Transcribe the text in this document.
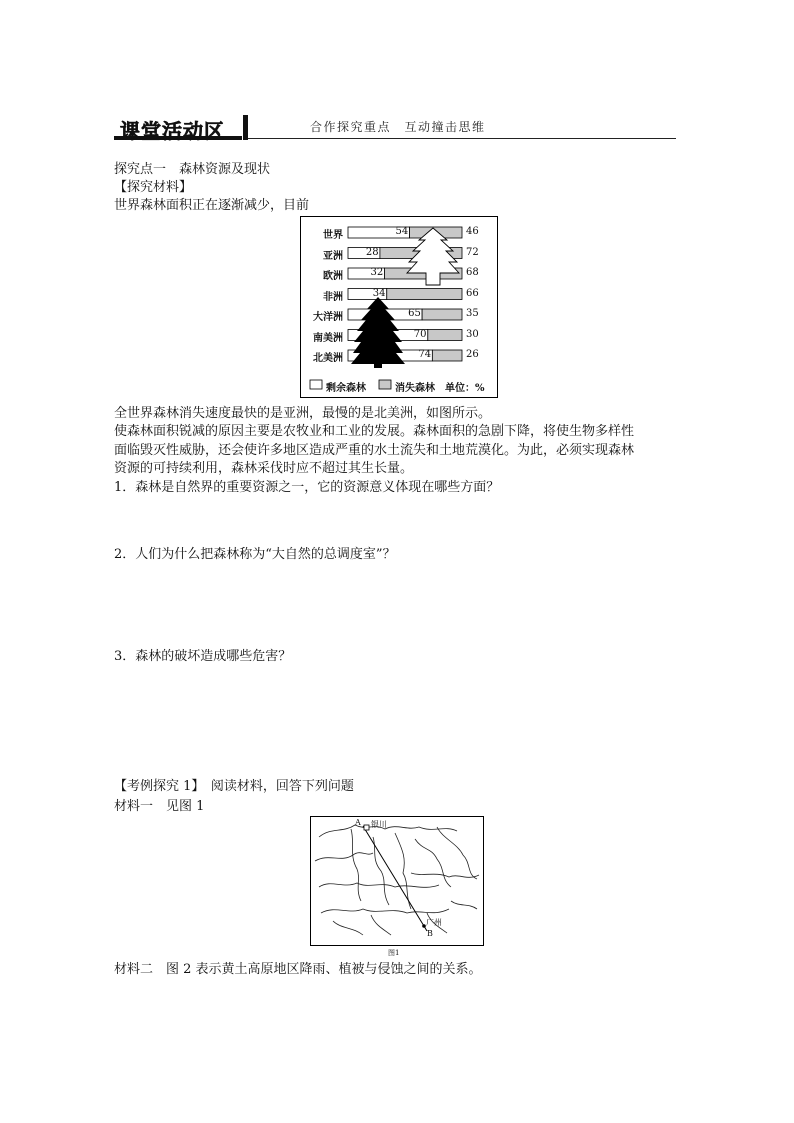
课堂活动区	合作探究重点　互动撞击思维
探究点一　森林资源及现状
【探究材料】
世界森林面积正在逐渐减少，目前
世界	54	46
亚洲 28	72
欧洲	32	68
非洲	34	66
大洋洲	65	35
南美洲	70	30
北美洲	74	26
剩余森林	消失森林 单位：%
全世界森林消失速度最快的是亚洲，最慢的是北美洲，如图所示。
使森林面积锐减的原因主要是农牧业和工业的发展。森林面积的急剧下降，将使生物多样性
面临毁灭性威胁，还会使许多地区造成严重的水土流失和土地荒漠化。为此，必须实现森林
资源的可持续利用，森林采伐时应不超过其生长量。
1．森林是自然界的重要资源之一，它的资源意义体现在哪些方面？
2．人们为什么把森林称为“大自然的总调度室”？
3．森林的破坏造成哪些危害？
【考例探究 1】　阅读材料，回答下列问题
材料一　见图 1
A 银川
广州
B
图1
材料二　图 2 表示黄土高原地区降雨、植被与侵蚀之间的关系。
